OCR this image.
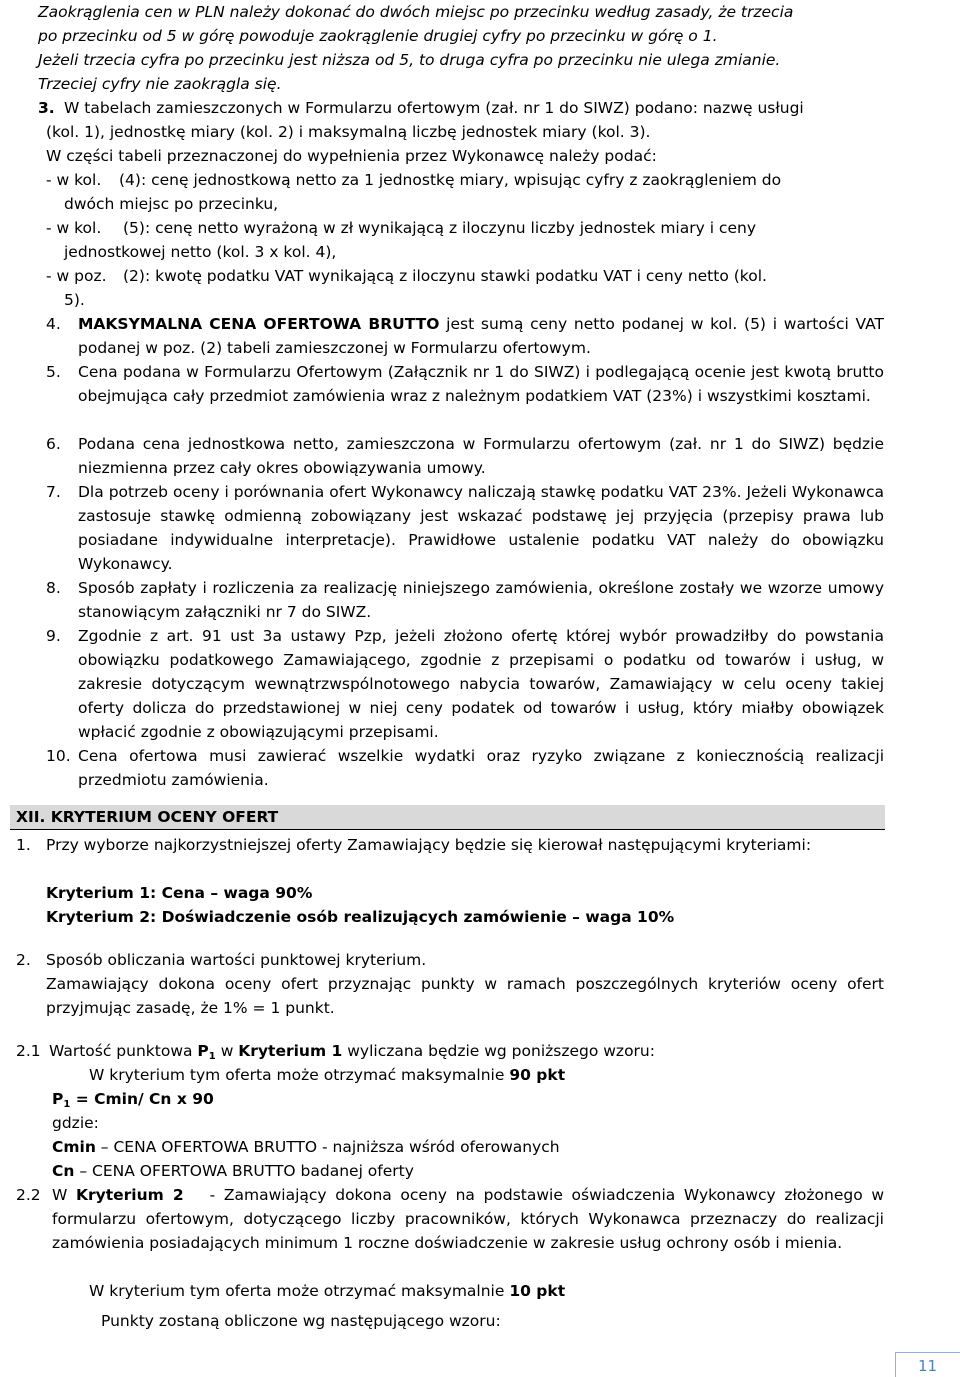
Zaokrąglenia cen w PLN należy dokonać do dwóch miejsc po przecinku według zasady, że trzecia
po przecinku od 5 w górę powoduje zaokrąglenie drugiej cyfry po przecinku w górę o 1.
Jeżeli trzecia cyfra po przecinku jest niższa od 5, to druga cyfra po przecinku nie ulega zmianie.
Trzeciej cyfry nie zaokrągla się.
3. W tabelach zamieszczonych w Formularzu ofertowym (zał. nr 1 do SIWZ) podano: nazwę usługi
(kol. 1), jednostkę miary (kol. 2) i maksymalną liczbę jednostek miary (kol. 3).
W części tabeli przeznaczonej do wypełnienia przez Wykonawcę należy podać:
- w kol. (4): cenę jednostkową netto za 1 jednostkę miary, wpisując cyfry z zaokrągleniem do
dwóch miejsc po przecinku,
- w kol. (5): cenę netto wyrażoną w zł wynikającą z iloczynu liczby jednostek miary i ceny
jednostkowej netto (kol. 3 x kol. 4),
- w poz. (2): kwotę podatku VAT wynikającą z iloczynu stawki podatku VAT i ceny netto (kol.
5).
4. MAKSYMALNA CENA OFERTOWA BRUTTO jest sumą ceny netto podanej w kol. (5) i wartości VAT podanej w poz. (2) tabeli zamieszczonej w Formularzu ofertowym.
5. Cena podana w Formularzu Ofertowym (Załącznik nr 1 do SIWZ) i podlegającą ocenie jest kwotą brutto obejmująca cały przedmiot zamówienia wraz z należnym podatkiem VAT (23%) i wszystkimi kosztami.
6. Podana cena jednostkowa netto, zamieszczona w Formularzu ofertowym (zał. nr 1 do SIWZ) będzie niezmienna przez cały okres obowiązywania umowy.
7. Dla potrzeb oceny i porównania ofert Wykonawcy naliczają stawkę podatku VAT 23%. Jeżeli Wykonawca zastosuje stawkę odmienną zobowiązany jest wskazać podstawę jej przyjęcia (przepisy prawa lub posiadane indywidualne interpretacje). Prawidłowe ustalenie podatku VAT należy do obowiązku Wykonawcy.
8. Sposób zapłaty i rozliczenia za realizację niniejszego zamówienia, określone zostały we wzorze umowy stanowiącym załączniki nr 7 do SIWZ.
9. Zgodnie z art. 91 ust 3a ustawy Pzp, jeżeli złożono ofertę której wybór prowadziłby do powstania obowiązku podatkowego Zamawiającego, zgodnie z przepisami o podatku od towarów i usług, w zakresie dotyczącym wewnątrzwspólnotowego nabycia towarów, Zamawiający w celu oceny takiej oferty dolicza do przedstawionej w niej ceny podatek od towarów i usług, który miałby obowiązek wpłacić zgodnie z obowiązującymi przepisami.
10. Cena ofertowa musi zawierać wszelkie wydatki oraz ryzyko związane z koniecznością realizacji przedmiotu zamówienia.
XII. KRYTERIUM OCENY OFERT
1. Przy wyborze najkorzystniejszej oferty Zamawiający będzie się kierował następującymi kryteriami:
Kryterium 1: Cena – waga 90%
Kryterium 2: Doświadczenie osób realizujących zamówienie – waga 10%
2. Sposób obliczania wartości punktowej kryterium.
Zamawiający dokona oceny ofert przyznając punkty w ramach poszczególnych kryteriów oceny ofert przyjmując zasadę, że 1% = 1 punkt.
2.1 Wartość punktowa $P_1$ w Kryterium 1 wyliczana będzie wg poniższego wzoru:
W kryterium tym oferta może otrzymać maksymalnie 90 pkt
$P_1 = Cmin/$ Cn x 90
gdzie:
Cmin – CENA OFERTOWA BRUTTO - najniższa wśród oferowanych
Cn – CENA OFERTOWA BRUTTO badanej oferty
2.2 W Kryterium 2   - Zamawiający dokona oceny na podstawie oświadczenia Wykonawcy złożonego w formularzu ofertowym, dotyczącego liczby pracowników, których Wykonawca przeznaczy do realizacji zamówienia posiadających minimum 1 roczne doświadczenie w zakresie usług ochrony osób i mienia.
W kryterium tym oferta może otrzymać maksymalnie 10 pkt
Punkty zostaną obliczone wg następującego wzoru:
11
